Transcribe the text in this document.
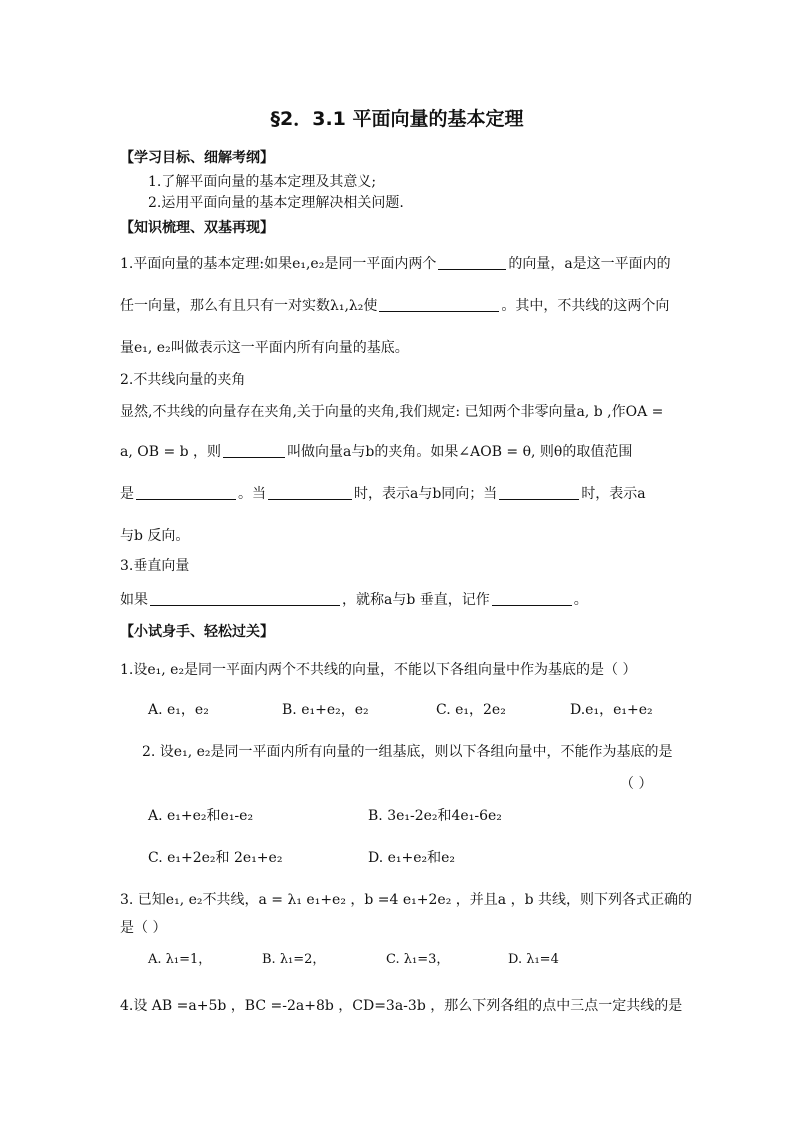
§2．3.1 平面向量的基本定理
【学习目标、细解考纲】
1.了解平面向量的基本定理及其意义;
2.运用平面向量的基本定理解决相关问题.
【知识梳理、双基再现】
1.平面向量的基本定理:如果e₁,e₂是同一平面内两个	的向量，a是这一平面内的
任一向量，那么有且只有一对实数λ₁,λ₂使	。其中，不共线的这两个向
量e₁, e₂叫做表示这一平面内所有向量的基底。
2.不共线向量的夹角
显然,不共线的向量存在夹角,关于向量的夹角,我们规定: 已知两个非零向量a, b ,作OA =
a, OB = b ，则	叫做向量a与b的夹角。如果∠AOB = θ, 则θ的取值范围
是	。当	时，表示a与b同向；当	时，表示a
与b 反向。
3.垂直向量
如果	，就称a与b 垂直，记作	。
【小试身手、轻松过关】
1.设e₁, e₂是同一平面内两个不共线的向量，不能以下各组向量中作为基底的是（ ）
A. e₁，e₂	B. e₁+e₂，e₂	C. e₁，2e₂	D.e₁，e₁+e₂
2. 设e₁, e₂是同一平面内所有向量的一组基底，则以下各组向量中，不能作为基底的是
（ ）
A. e₁+e₂和e₁-e₂	B. 3e₁-2e₂和4e₁-6e₂
C. e₁+2e₂和 2e₁+e₂	D. e₁+e₂和e₂
3. 已知e₁, e₂不共线，a = λ₁ e₁+e₂ ，b =4 e₁+2e₂ ，并且a ，b 共线，则下列各式正确的
是（ ）
A. λ₁=1，	B. λ₁=2，	C. λ₁=3，	D. λ₁=4
4.设 AB =a+5b ，BC =-2a+8b ，CD=3a-3b ，那么下列各组的点中三点一定共线的是
